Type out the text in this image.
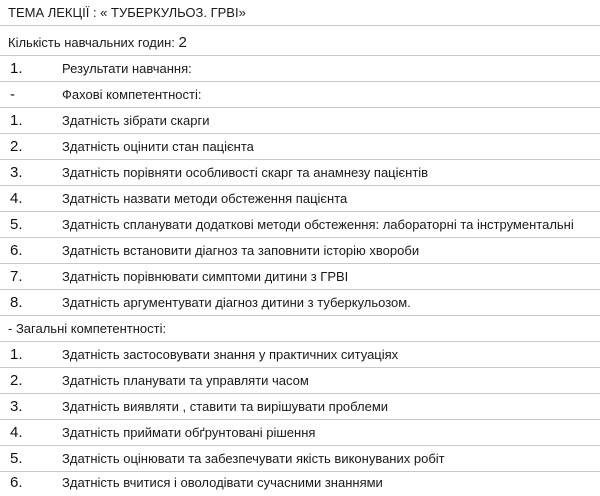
ТЕМА ЛЕКЦІЇ : « ТУБЕРКУЛЬОЗ. ГРВІ»
Кількість навчальних годин: 2
1.	Результати навчання:
-	Фахові компетентності:
1.	Здатність зібрати скарги
2.	Здатність оцінити стан пацієнта
3.	Здатність порівняти особливості скарг та анамнезу пацієнтів
4.	Здатність назвати методи обстеження пацієнта
5.	Здатність спланувати додаткові методи обстеження: лабораторні та інструментальні
6.	Здатність встановити діагноз та заповнити історію хвороби
7.	Здатність порівнювати симптоми дитини з ГРВІ
8.	Здатність аргументувати діагноз дитини з туберкульозом.
- Загальні компетентності:
1.	Здатність застосовувати знання у практичних ситуаціях
2.	Здатність планувати та управляти часом
3.	Здатність виявляти , ставити та вирішувати проблеми
4.	Здатність приймати обґрунтовані рішення
5.	Здатність оцінювати та забезпечувати якість виконуваних робіт
6.	Здатність вчитися і оволодівати сучасними знаннями
